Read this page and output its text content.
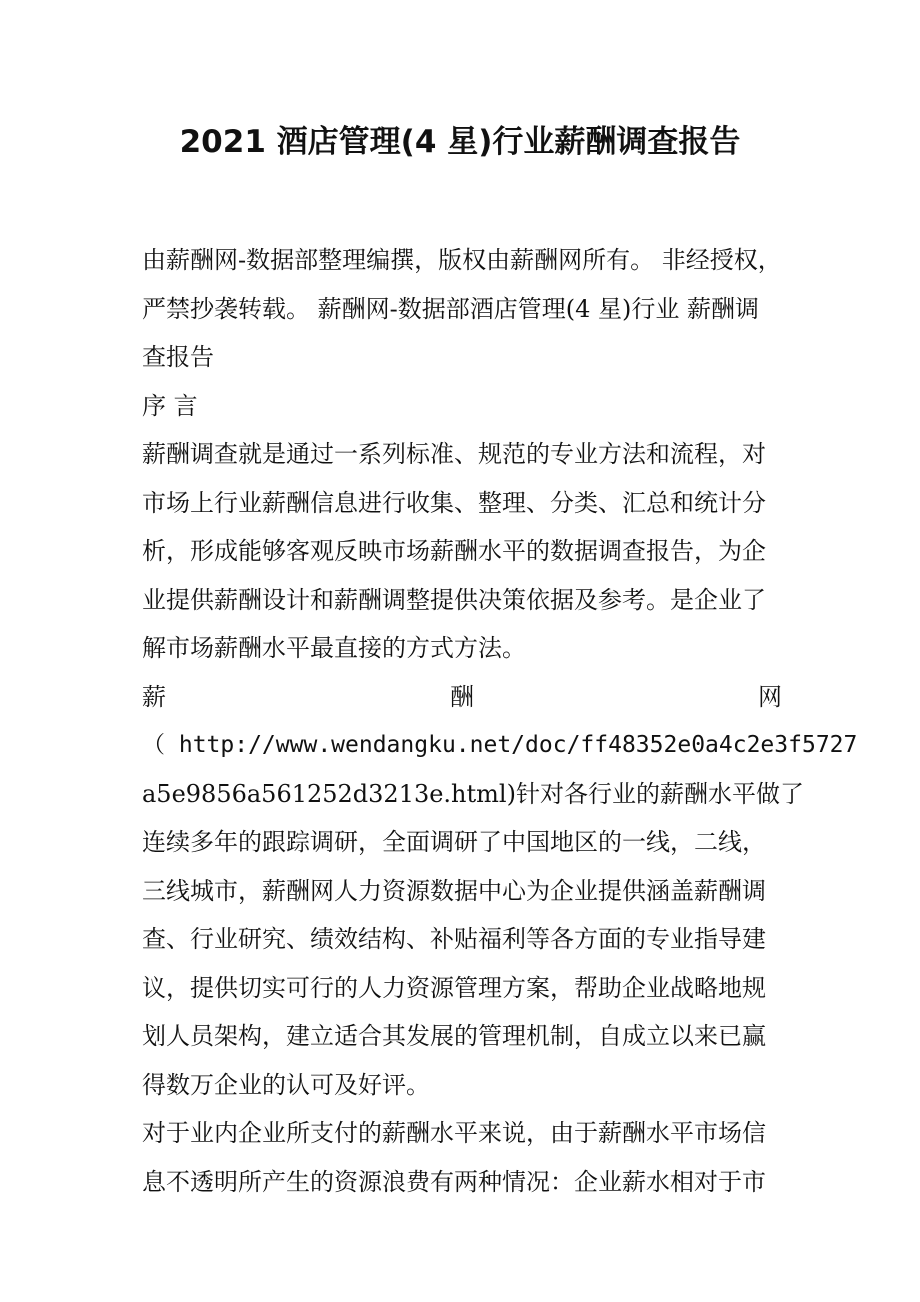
2021 酒店管理(4 星)行业薪酬调查报告
由薪酬网-数据部整理编撰，版权由薪酬网所有。 非经授权，
严禁抄袭转载。 薪酬网-数据部酒店管理(4 星)行业 薪酬调
查报告
序 言
薪酬调查就是通过一系列标准、规范的专业方法和流程，对
市场上行业薪酬信息进行收集、整理、分类、汇总和统计分
析，形成能够客观反映市场薪酬水平的数据调查报告，为企
业提供薪酬设计和薪酬调整提供决策依据及参考。是企业了
解市场薪酬水平最直接的方式方法。
薪	酬	网
（ http://www.wendangku.net/doc/ff48352e0a4c2e3f5727
a5e9856a561252d3213e.html)针对各行业的薪酬水平做了
连续多年的跟踪调研，全面调研了中国地区的一线，二线，
三线城市，薪酬网人力资源数据中心为企业提供涵盖薪酬调
查、行业研究、绩效结构、补贴福利等各方面的专业指导建
议，提供切实可行的人力资源管理方案，帮助企业战略地规
划人员架构，建立适合其发展的管理机制，自成立以来已赢
得数万企业的认可及好评。
对于业内企业所支付的薪酬水平来说，由于薪酬水平市场信
息不透明所产生的资源浪费有两种情况：企业薪水相对于市
